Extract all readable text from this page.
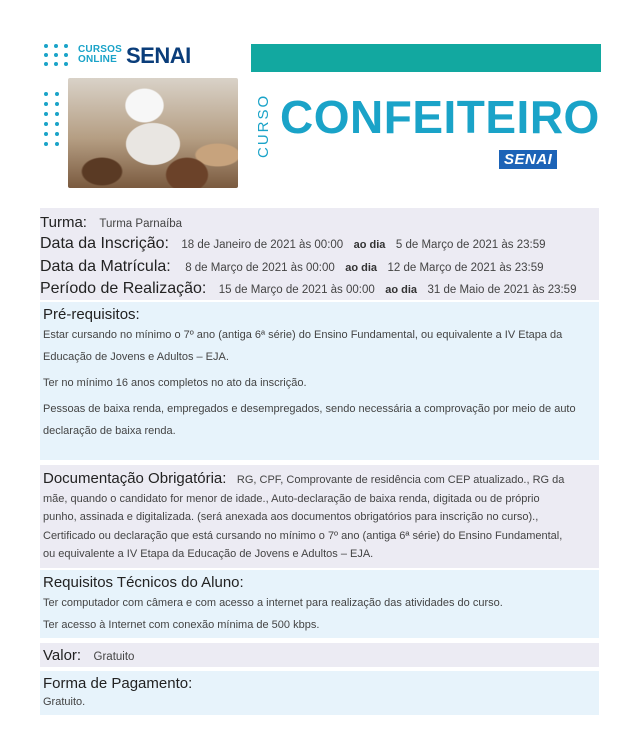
CURSOS
ONLINE SENAI
CURSO CONFEITEIRO
SENAI
Turma: Turma Parnaíba
Data da Inscrição: 18 de Janeiro de 2021 às 00:00 ao dia 5 de Março de 2021 às 23:59
Data da Matrícula: 8 de Março de 2021 às 00:00 ao dia 12 de Março de 2021 às 23:59
Período de Realização: 15 de Março de 2021 às 00:00 ao dia 31 de Maio de 2021 às 23:59
Pré-requisitos:
Estar cursando no mínimo o 7º ano (antiga 6ª série) do Ensino Fundamental, ou equivalente a IV Etapa da
Educação de Jovens e Adultos – EJA.
Ter no mínimo 16 anos completos no ato da inscrição.
Pessoas de baixa renda, empregados e desempregados, sendo necessária a comprovação por meio de auto
declaração de baixa renda.
Documentação Obrigatória: RG, CPF, Comprovante de residência com CEP atualizado., RG da
mãe, quando o candidato for menor de idade., Auto-declaração de baixa renda, digitada ou de próprio
punho, assinada e digitalizada. (será anexada aos documentos obrigatórios para inscrição no curso).,
Certificado ou declaração que está cursando no mínimo o 7º ano (antiga 6ª série) do Ensino Fundamental,
ou equivalente a IV Etapa da Educação de Jovens e Adultos – EJA.
Requisitos Técnicos do Aluno:
Ter computador com câmera e com acesso a internet para realização das atividades do curso.
Ter acesso à Internet com conexão mínima de 500 kbps.
Valor: Gratuito
Forma de Pagamento:
Gratuito.
